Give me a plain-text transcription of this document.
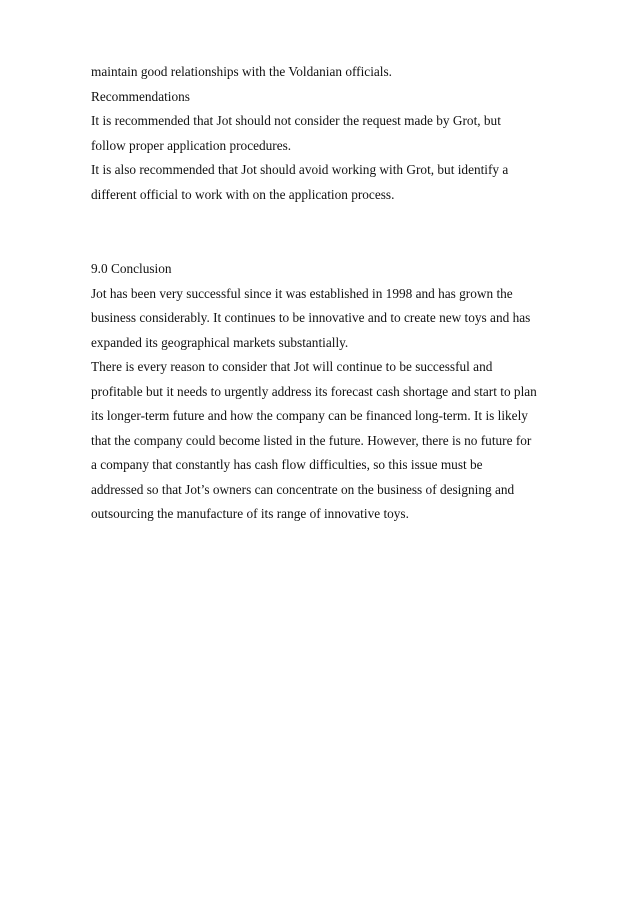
maintain good relationships with the Voldanian officials.
Recommendations
It is recommended that Jot should not consider the request made by Grot, but
follow proper application procedures.
It is also recommended that Jot should avoid working with Grot, but identify a
different official to work with on the application process.
9.0 Conclusion
Jot has been very successful since it was established in 1998 and has grown the
business considerably. It continues to be innovative and to create new toys and has
expanded its geographical markets substantially.
There is every reason to consider that Jot will continue to be successful and
profitable but it needs to urgently address its forecast cash shortage and start to plan
its longer-term future and how the company can be financed long-term. It is likely
that the company could become listed in the future. However, there is no future for
a company that constantly has cash flow difficulties, so this issue must be
addressed so that Jot’s owners can concentrate on the business of designing and
outsourcing the manufacture of its range of innovative toys.
